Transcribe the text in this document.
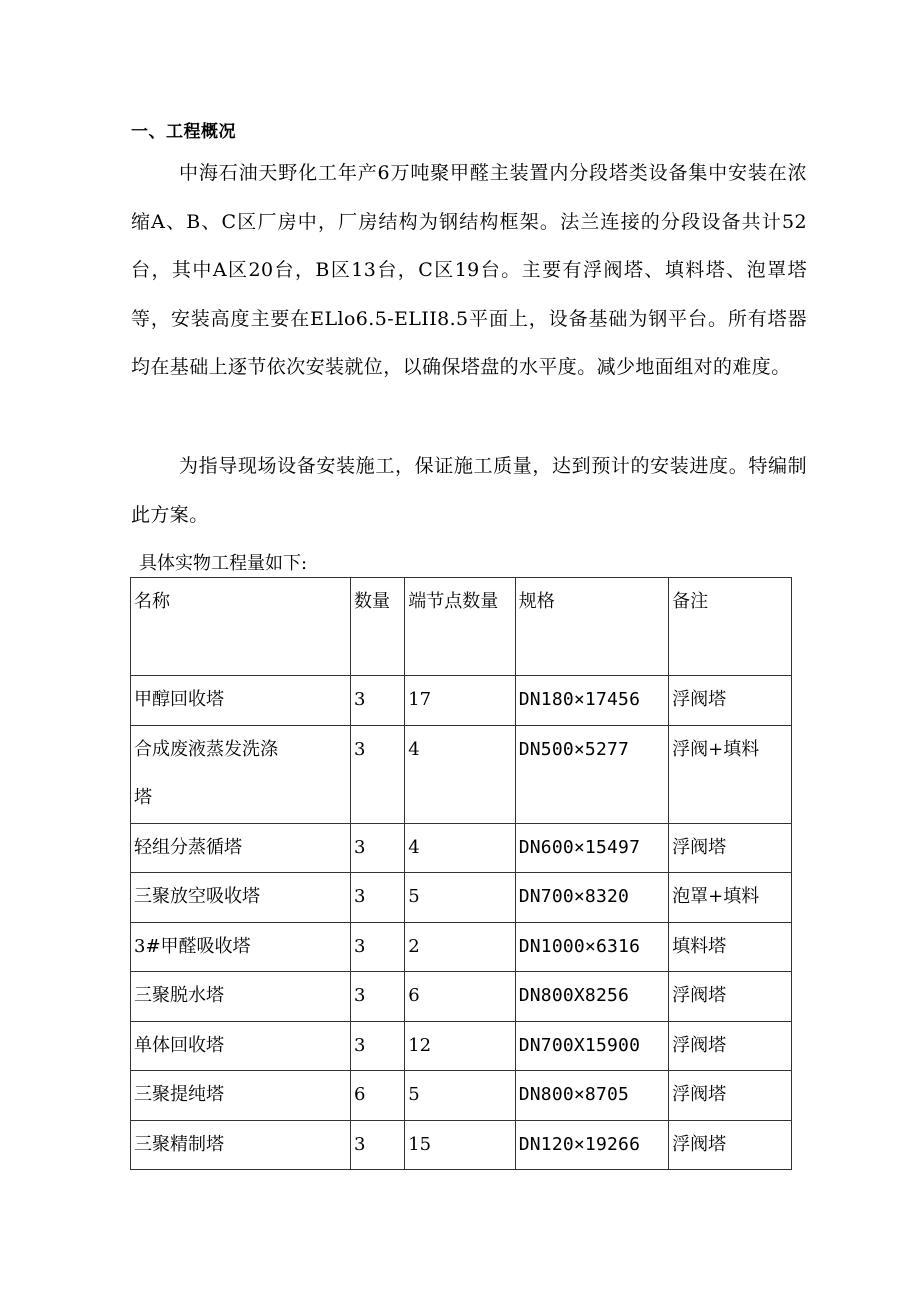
一、工程概况

中海石油天野化工年产6万吨聚甲醛主装置内分段塔类设备集中安装在浓缩A、B、C区厂房中，厂房结构为钢结构框架。法兰连接的分段设备共计52台，其中A区20台，B区13台，C区19台。主要有浮阀塔、填料塔、泡罩塔等，安装高度主要在ELlo6.5-ELII8.5平面上，设备基础为钢平台。所有塔器均在基础上逐节依次安装就位，以确保塔盘的水平度。减少地面组对的难度。

为指导现场设备安装施工，保证施工质量，达到预计的安装进度。特编制此方案。

具体实物工程量如下:
名称	数量	端节点数量	规格	备注
甲醇回收塔	3	17	DN180×17456	浮阀塔
合成废液蒸发洗涤塔	3	4	DN500×5277	浮阀+填料
轻组分蒸循塔	3	4	DN600×15497	浮阀塔
三聚放空吸收塔	3	5	DN700×8320	泡罩+填料
3#甲醛吸收塔	3	2	DN1000×6316	填料塔
三聚脱水塔	3	6	DN800X8256	浮阀塔
单体回收塔	3	12	DN700X15900	浮阀塔
三聚提纯塔	6	5	DN800×8705	浮阀塔
三聚精制塔	3	15	DN120×19266	浮阀塔
